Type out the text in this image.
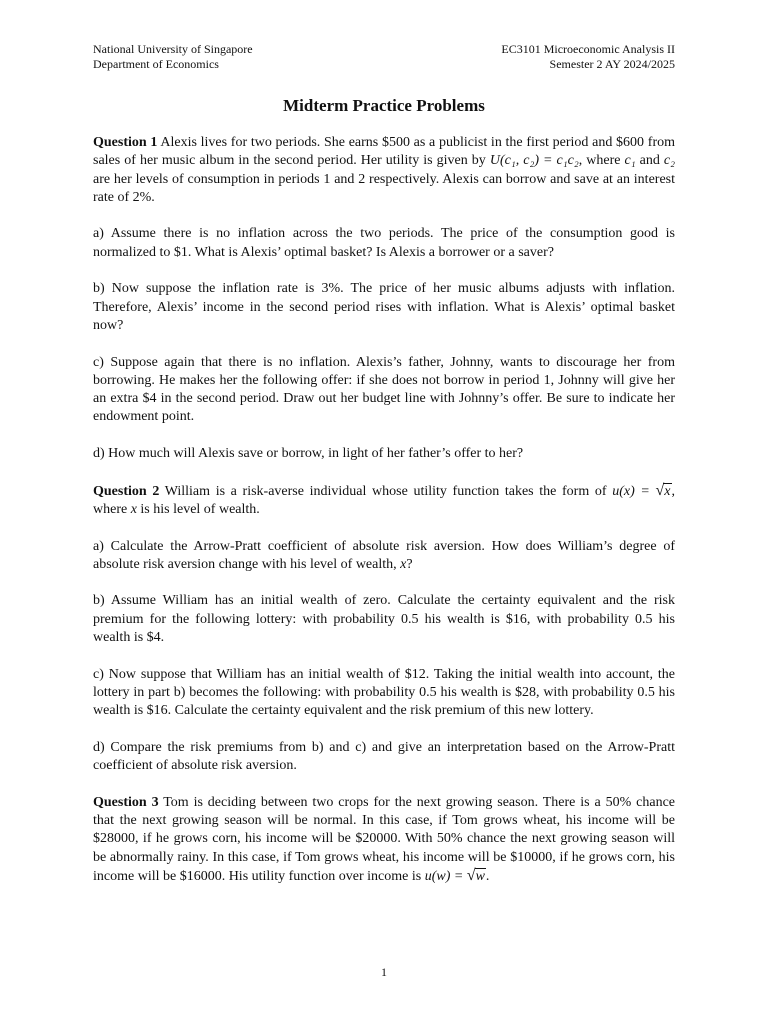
National University of Singapore
Department of Economics
EC3101 Microeconomic Analysis II
Semester 2 AY 2024/2025
Midterm Practice Problems

Question 1 Alexis lives for two periods. She earns $500 as a publicist in the first period and $600 from sales of her music album in the second period. Her utility is given by U(c₁, c₂) = c₁c₂, where c₁ and c₂ are her levels of consumption in periods 1 and 2 respectively. Alexis can borrow and save at an interest rate of 2%.

a) Assume there is no inflation across the two periods. The price of the consumption good is normalized to $1. What is Alexis’ optimal basket? Is Alexis a borrower or a saver?

b) Now suppose the inflation rate is 3%. The price of her music albums adjusts with inflation. Therefore, Alexis’ income in the second period rises with inflation. What is Alexis’ optimal basket now?

c) Suppose again that there is no inflation. Alexis’s father, Johnny, wants to discourage her from borrowing. He makes her the following offer: if she does not borrow in period 1, Johnny will give her an extra $4 in the second period. Draw out her budget line with Johnny’s offer. Be sure to indicate her endowment point.

d) How much will Alexis save or borrow, in light of her father’s offer to her?

Question 2 William is a risk-averse individual whose utility function takes the form of u(x) = √x, where x is his level of wealth.

a) Calculate the Arrow-Pratt coefficient of absolute risk aversion. How does William’s degree of absolute risk aversion change with his level of wealth, x?

b) Assume William has an initial wealth of zero. Calculate the certainty equivalent and the risk premium for the following lottery: with probability 0.5 his wealth is $16, with probability 0.5 his wealth is $4.

c) Now suppose that William has an initial wealth of $12. Taking the initial wealth into account, the lottery in part b) becomes the following: with probability 0.5 his wealth is $28, with probability 0.5 his wealth is $16. Calculate the certainty equivalent and the risk premium of this new lottery.

d) Compare the risk premiums from b) and c) and give an interpretation based on the Arrow-Pratt coefficient of absolute risk aversion.

Question 3 Tom is deciding between two crops for the next growing season. There is a 50% chance that the next growing season will be normal. In this case, if Tom grows wheat, his income will be $28000, if he grows corn, his income will be $20000. With 50% chance the next growing season will be abnormally rainy. In this case, if Tom grows wheat, his income will be $10000, if he grows corn, his income will be $16000. His utility function over income is u(w) = √w.

1
